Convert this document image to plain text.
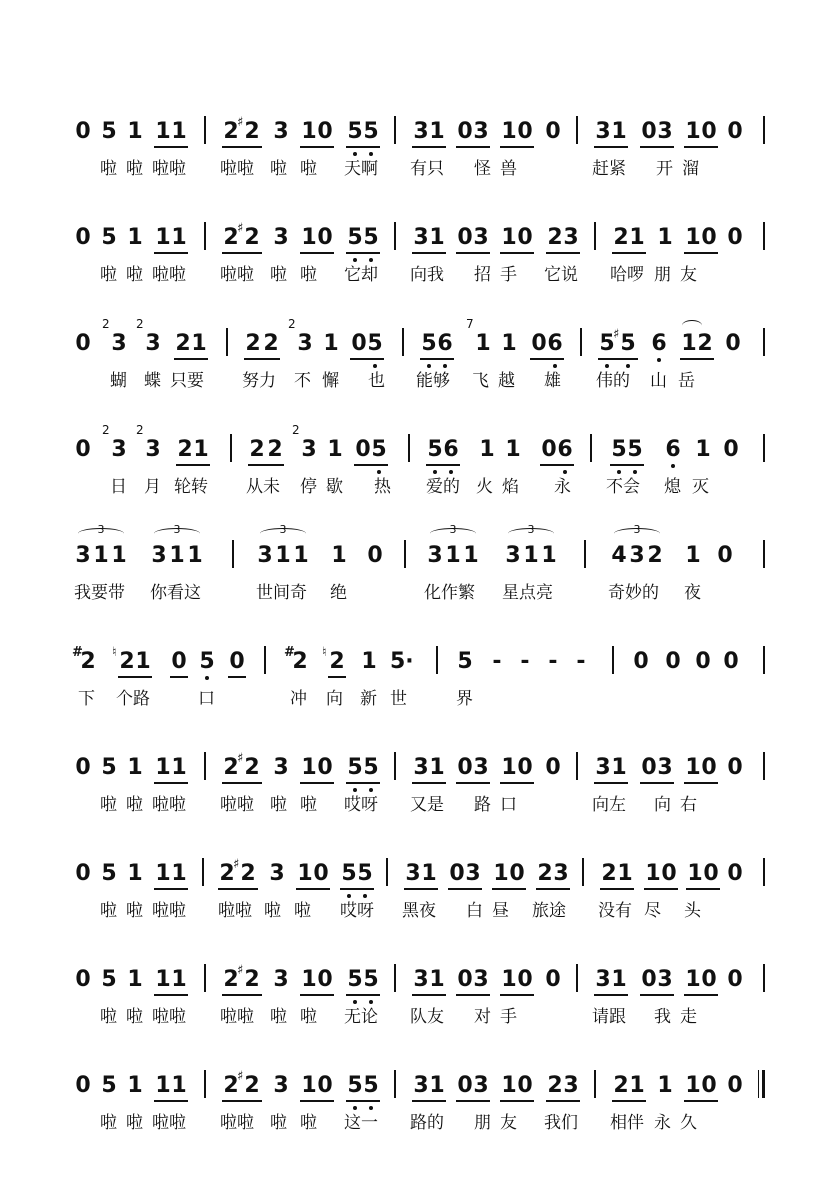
0 5 1 1 1 2
♯ 2 3 1 0 5 5 3 1 0 3 1 0 0 3 1 0 3 1 0 0
啦 啦 啦啦 啦啦 啦 啦 天啊 有只 怪 兽	赶紧 开 溜
0 5 1 1 1 2
♯ 2 3 1 0 5 5 3 1 0 3 1 0 2 3 2 1 1 1 0 0
啦 啦 啦啦 啦啦 啦 啦 它却 向我 招 手 它说 哈啰 朋 友
0
2
3
2
3 2 1 2 2
2
3 1 0 5 5 6
7
1 1 0 6 5
♯ 5 6 1 2 0
蝴 蝶 只要 努力 不 懈 也 能够 飞 越 雄 伟的 山 岳
0
2
3
2
3 2 1 2 2
2
3 1 0 5 5 6 1 1 0 6 5 5 6 1 0
日 月 轮转 从未 停 歇 热 爱的 火 焰 永 不会 熄 灭
3
3 1 1
3
3 1 1
3
3 1 1 1 0
3
3 1 1
3
3 1 1
3
4 3 2 1 0
我要带 你看这	世间奇 绝	化作繁 星点亮	奇妙的 夜
#
2 ♮ 2 1 0 5 0	#
2 ♮ 2 1 5· 5 - - - - 0 0 0 0
下 个路	口	冲 向 新 世	界
0 5 1 1 1 2
♯ 2 3 1 0 5 5 3 1 0 3 1 0 0 3 1 0 3 1 0 0
啦 啦 啦啦 啦啦 啦 啦 哎呀 又是 路 口	向左 向 右
0 5 1 1 1 2
♯ 2 3 1 0 5 5 3 1 0 3 1 0 2 3 2 1 1 0 1 0 0
啦 啦 啦啦 啦啦 啦 啦 哎呀 黑夜 白 昼 旅途 没有 尽 头
0 5 1 1 1 2
♯ 2 3 1 0 5 5 3 1 0 3 1 0 0 3 1 0 3 1 0 0
啦 啦 啦啦 啦啦 啦 啦 无论 队友 对 手	请跟 我 走
0 5 1 1 1 2
♯ 2 3 1 0 5 5 3 1 0 3 1 0 2 3 2 1 1 1 0 0
啦 啦 啦啦 啦啦 啦 啦 这一 路的 朋 友 我们 相伴 永 久
